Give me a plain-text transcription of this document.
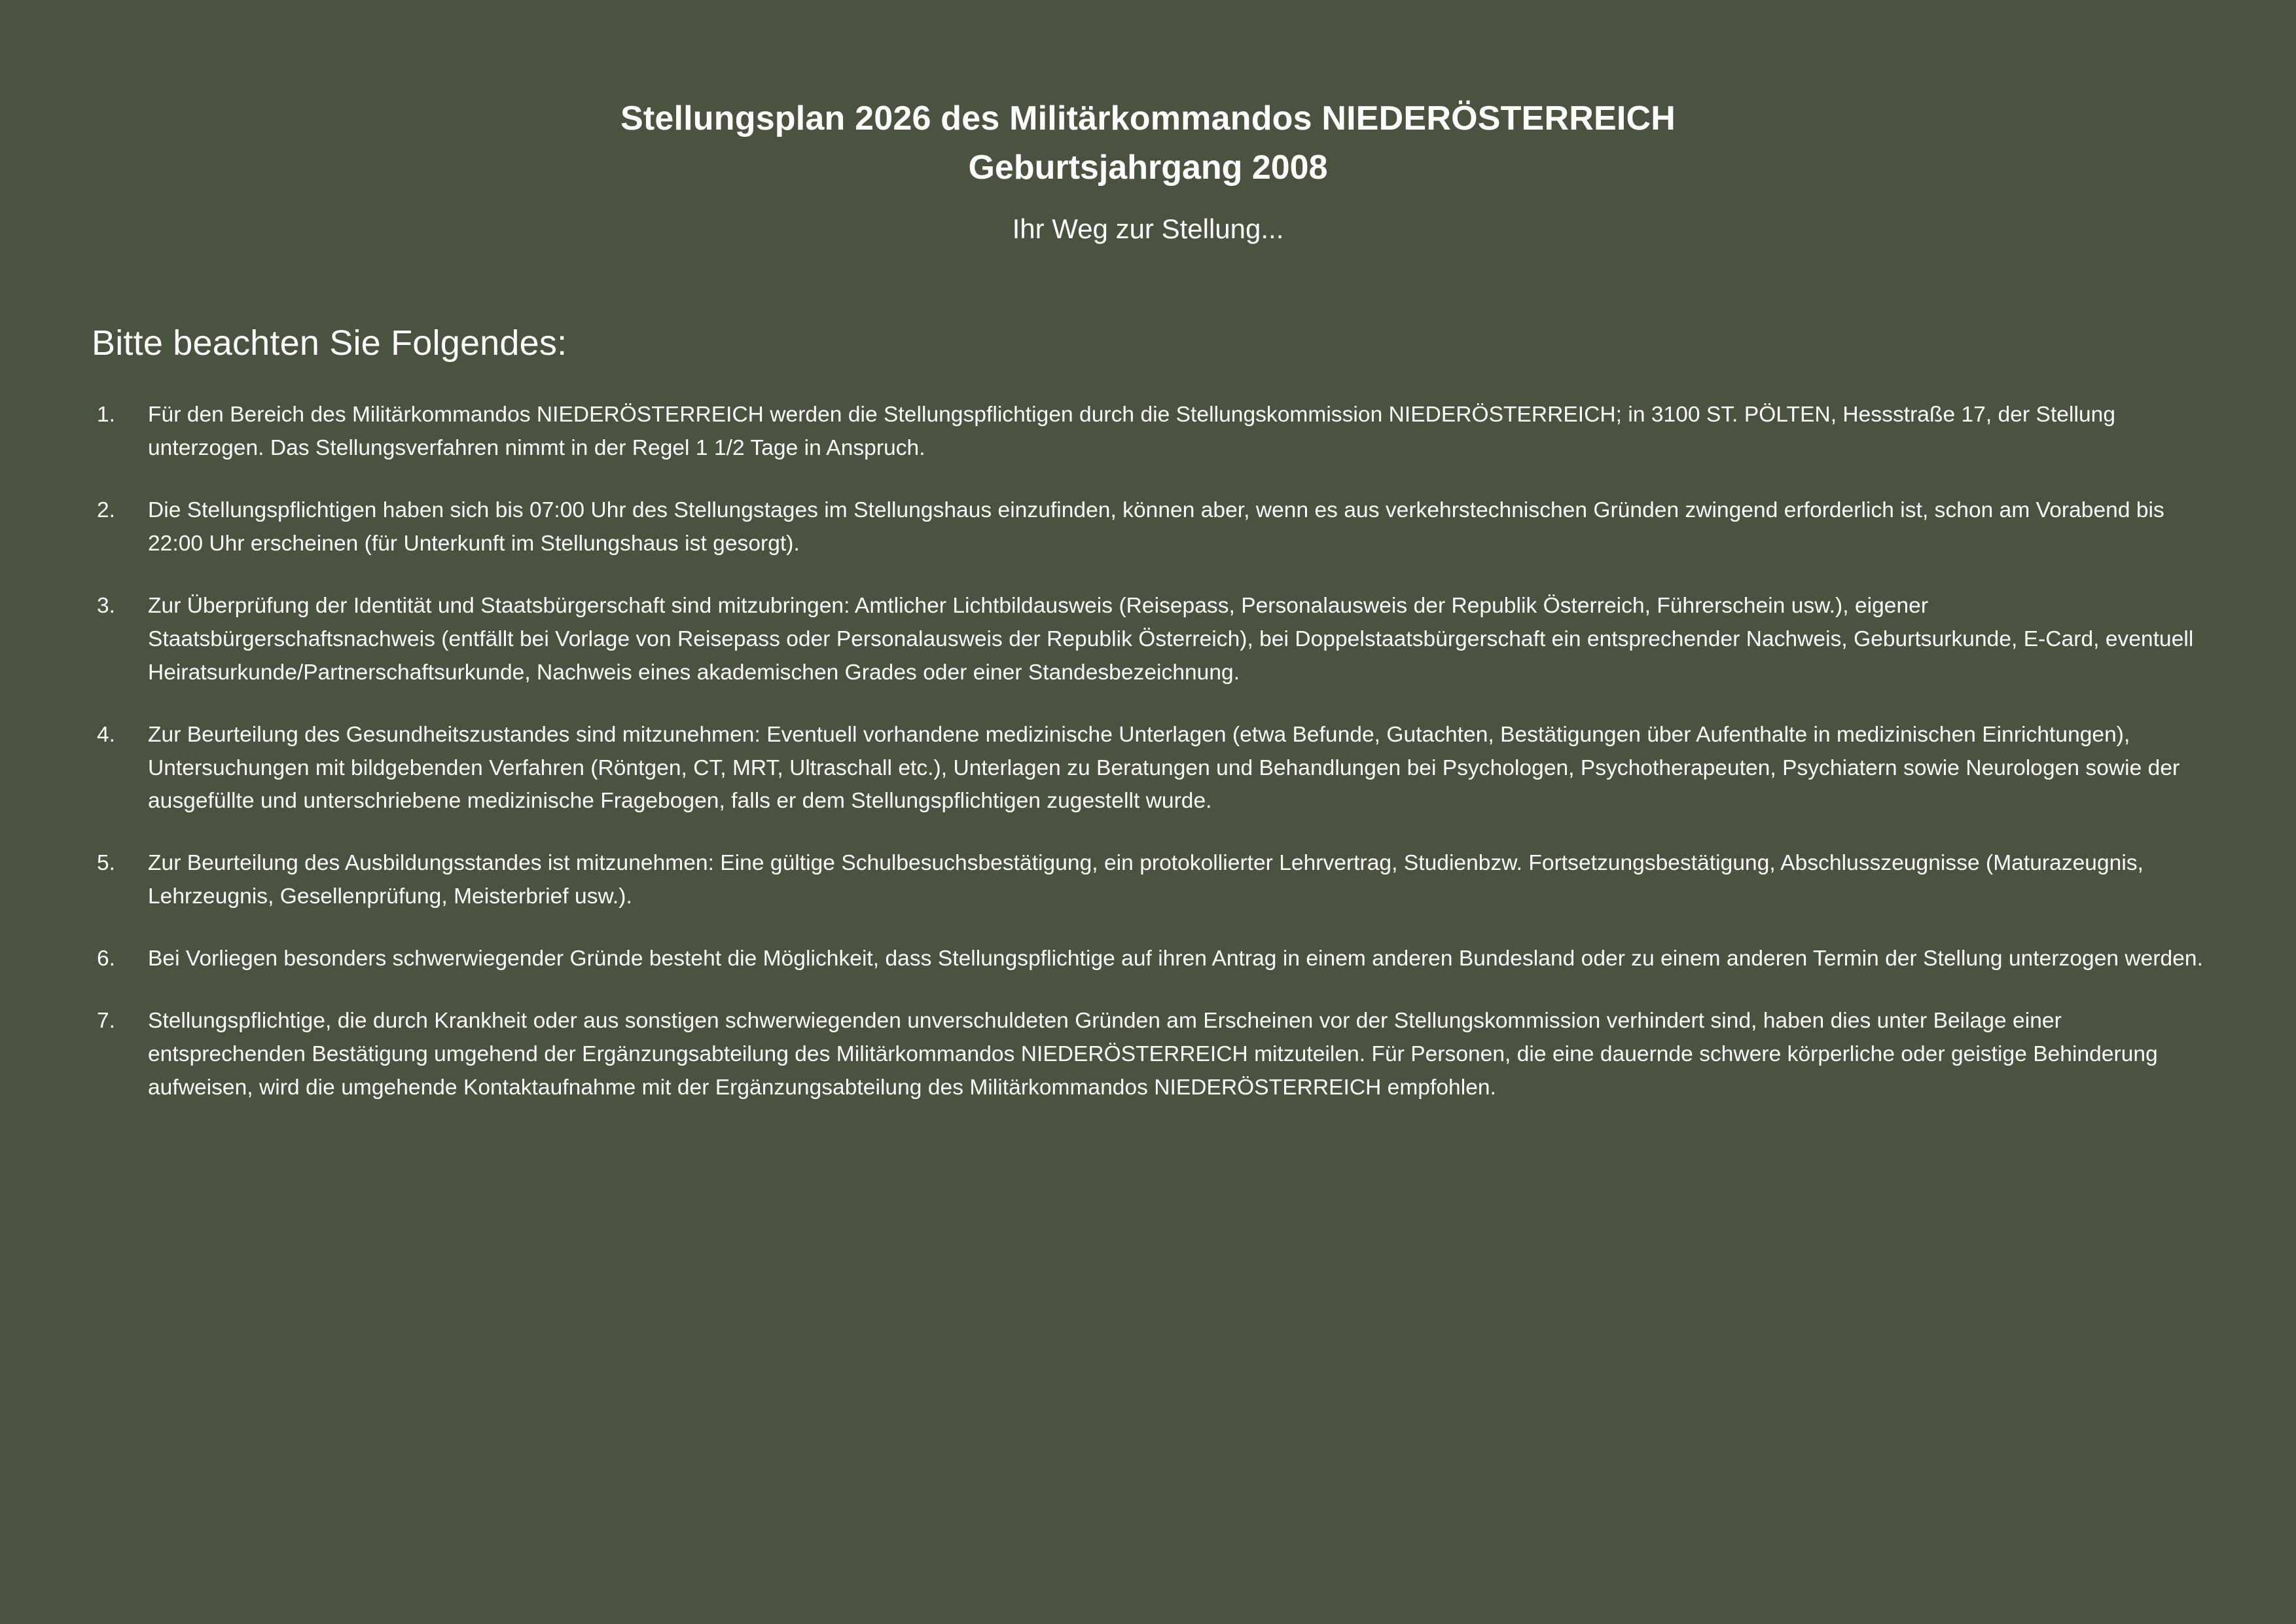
Stellungsplan 2026 des Militärkommandos NIEDERÖSTERREICH
Geburtsjahrgang 2008
Ihr Weg zur Stellung...
Bitte beachten Sie Folgendes:
1.	Für den Bereich des Militärkommandos NIEDERÖSTERREICH werden die Stellungspflichtigen durch die Stellungskommission NIEDERÖSTERREICH; in 3100 ST. PÖLTEN, Hessstraße 17, der Stellung unterzogen. Das Stellungsverfahren nimmt in der Regel 1 1/2 Tage in Anspruch.
2.	Die Stellungspflichtigen haben sich bis 07:00 Uhr des Stellungstages im Stellungshaus einzufinden, können aber, wenn es aus verkehrstechnischen Gründen zwingend erforderlich ist, schon am Vorabend bis 22:00 Uhr erscheinen (für Unterkunft im Stellungshaus ist gesorgt).
3.	Zur Überprüfung der Identität und Staatsbürgerschaft sind mitzubringen: Amtlicher Lichtbildausweis (Reisepass, Personalausweis der Republik Österreich, Führerschein usw.), eigener Staatsbürgerschaftsnachweis (entfällt bei Vorlage von Reisepass oder Personalausweis der Republik Österreich), bei Doppelstaatsbürgerschaft ein entsprechender Nachweis, Geburtsurkunde, E-Card, eventuell Heiratsurkunde/Partnerschaftsurkunde, Nachweis eines akademischen Grades oder einer Standesbezeichnung.
4.	Zur Beurteilung des Gesundheitszustandes sind mitzunehmen: Eventuell vorhandene medizinische Unterlagen (etwa Befunde, Gutachten, Bestätigungen über Aufenthalte in medizinischen Einrichtungen), Untersuchungen mit bildgebenden Verfahren (Röntgen, CT, MRT, Ultraschall etc.), Unterlagen zu Beratungen und Behandlungen bei Psychologen, Psychotherapeuten, Psychiatern sowie Neurologen sowie der ausgefüllte und unterschriebene medizinische Fragebogen, falls er dem Stellungspflichtigen zugestellt wurde.
5.	Zur Beurteilung des Ausbildungsstandes ist mitzunehmen: Eine gültige Schulbesuchsbestätigung, ein protokollierter Lehrvertrag, Studienbzw. Fortsetzungsbestätigung, Abschlusszeugnisse (Maturazeugnis, Lehrzeugnis, Gesellenprüfung, Meisterbrief usw.).
6.	Bei Vorliegen besonders schwerwiegender Gründe besteht die Möglichkeit, dass Stellungspflichtige auf ihren Antrag in einem anderen Bundesland oder zu einem anderen Termin der Stellung unterzogen werden.
7.	Stellungspflichtige, die durch Krankheit oder aus sonstigen schwerwiegenden unverschuldeten Gründen am Erscheinen vor der Stellungskommission verhindert sind, haben dies unter Beilage einer entsprechenden Bestätigung umgehend der Ergänzungsabteilung des Militärkommandos NIEDERÖSTERREICH mitzuteilen. Für Personen, die eine dauernde schwere körperliche oder geistige Behinderung aufweisen, wird die umgehende Kontaktaufnahme mit der Ergänzungsabteilung des Militärkommandos NIEDERÖSTERREICH empfohlen.
